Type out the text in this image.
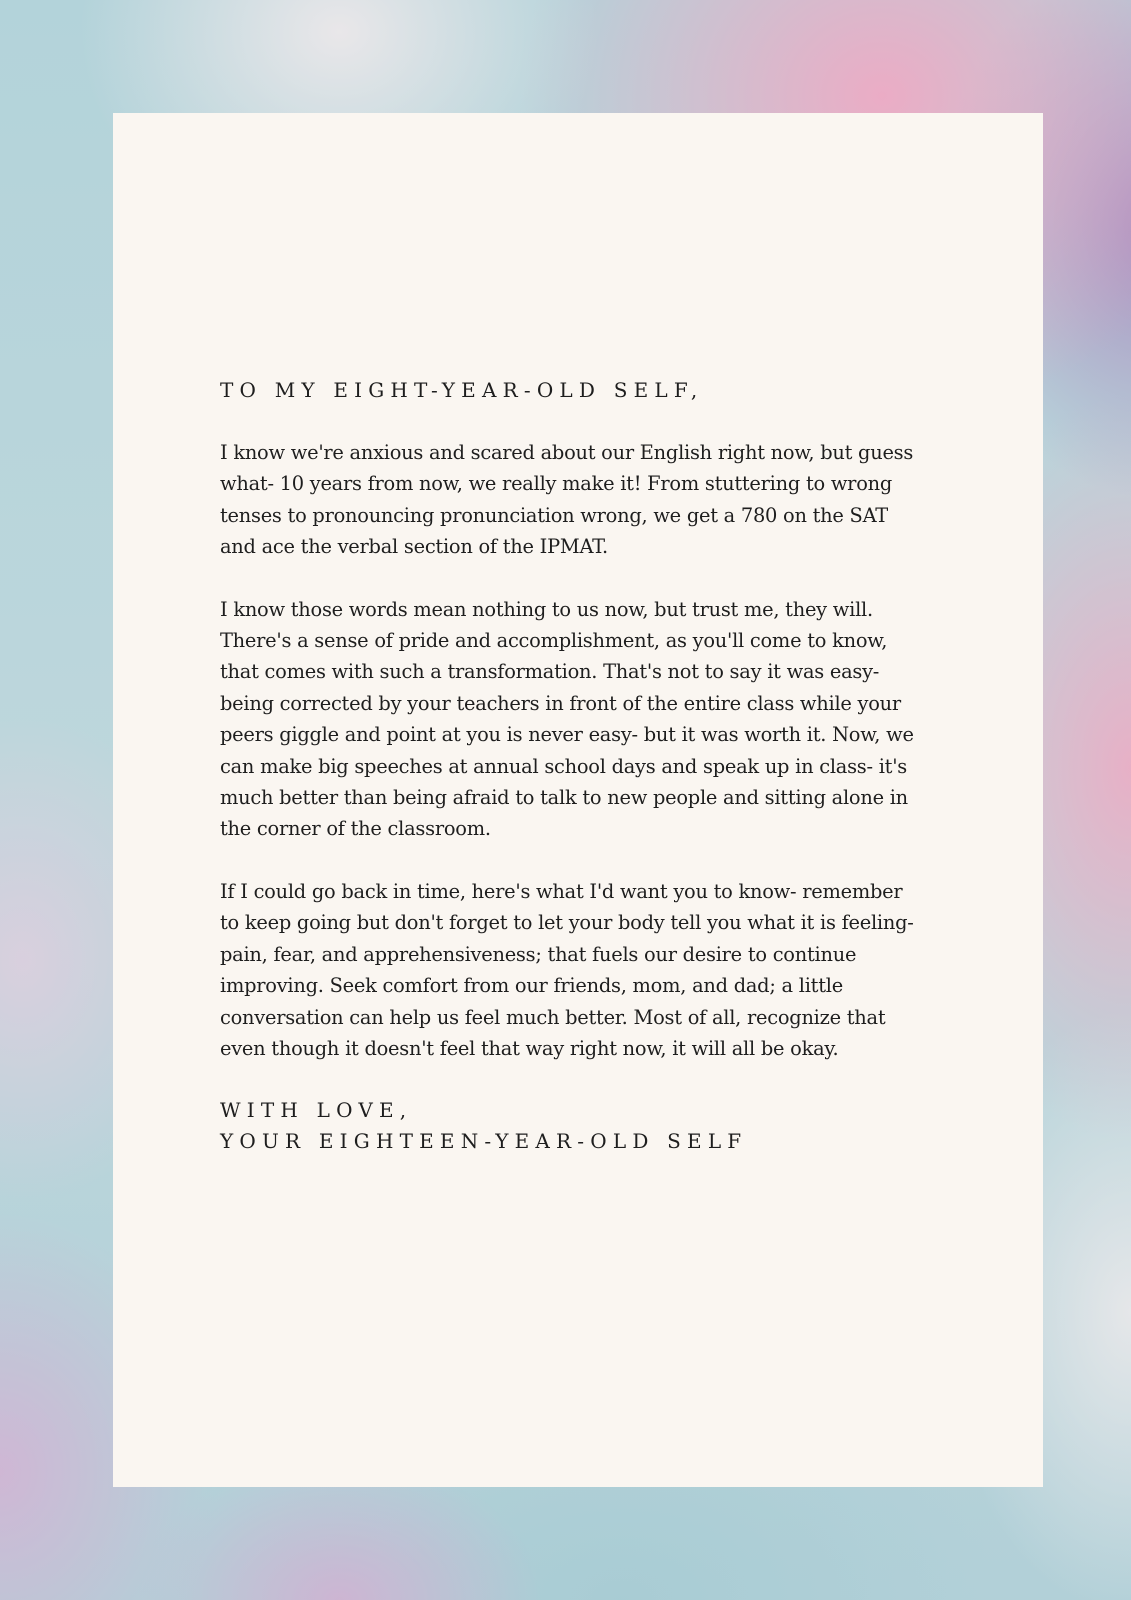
TO MY EIGHT-YEAR-OLD SELF,

I know we're anxious and scared about our English right now, but guess what- 10 years from now, we really make it! From stuttering to wrong tenses to pronouncing pronunciation wrong, we get a 780 on the SAT and ace the verbal section of the IPMAT.

I know those words mean nothing to us now, but trust me, they will. There's a sense of pride and accomplishment, as you'll come to know, that comes with such a transformation. That's not to say it was easy- being corrected by your teachers in front of the entire class while your peers giggle and point at you is never easy- but it was worth it. Now, we can make big speeches at annual school days and speak up in class- it's much better than being afraid to talk to new people and sitting alone in the corner of the classroom.

If I could go back in time, here's what I'd want you to know- remember to keep going but don't forget to let your body tell you what it is feeling- pain, fear, and apprehensiveness; that fuels our desire to continue improving. Seek comfort from our friends, mom, and dad; a little conversation can help us feel much better. Most of all, recognize that even though it doesn't feel that way right now, it will all be okay.

WITH LOVE,
YOUR EIGHTEEN-YEAR-OLD SELF
